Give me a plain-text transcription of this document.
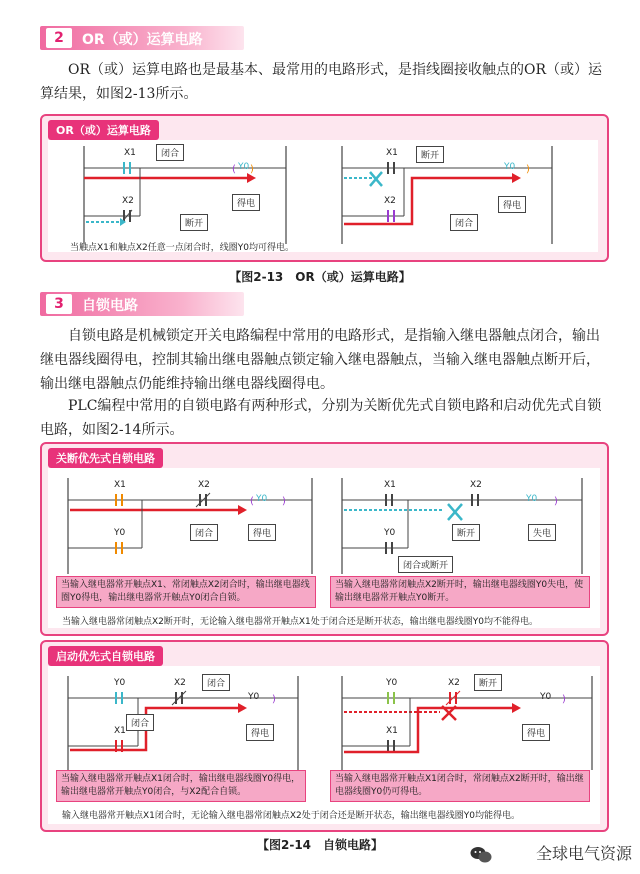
2	OR（或）运算电路
OR（或）运算电路也是最基本、最常用的电路形式，是指线圈接收触点的OR（或）运算结果，如图2-13所示。
OR（或）运算电路
( )	)
X1
X2
Y0
闭合
得电
断开
X1
X2
Y0
断开
得电
闭合
当触点X1和触点X2任意一点闭合时，线圈Y0均可得电。
【图2-13　OR（或）运算电路】
3	自锁电路
自锁电路是机械锁定开关电路编程中常用的电路形式，是指输入继电器触点闭合，输出继电器线圈得电，控制其输出继电器触点锁定输入继电器触点，当输入继电器触点断开后，输出继电器触点仍能维持输出继电器线圈得电。
PLC编程中常用的自锁电路有两种形式，分别为关断优先式自锁电路和启动优先式自锁电路，如图2-14所示。
关断优先式自锁电路
(	)	)
X1	X2
Y0
Y0	闭合	得电
X1	X2
Y0
Y0	断开	失电
闭合或断开
当输入继电器常开触点X1、常闭触点X2闭合时，输出继电器线圈Y0得电，输出继电器常开触点Y0闭合自锁。
当输入继电器常闭触点X2断开时，输出继电器线圈Y0失电，使输出继电器常开触点Y0断开。
当输入继电器常闭触点X2断开时，无论输入继电器常开触点X1处于闭合还是断开状态，输出继电器线圈Y0均不能得电。
启动优先式自锁电路
)	)
Y0	X2
Y0
X1
闭合
闭合
得电
Y0	X2
Y0
X1
断开
得电
当输入继电器常开触点X1闭合时，输出继电器线圈Y0得电，输出继电器常开触点Y0闭合，与X2配合自锁。
当输入继电器常开触点X1闭合时，常闭触点X2断开时，输出继电器线圈Y0仍可得电。
输入继电器常开触点X1闭合时，无论输入继电器常闭触点X2处于闭合还是断开状态，输出继电器线圈Y0均能得电。
【图2-14　自锁电路】	全球电气资源
